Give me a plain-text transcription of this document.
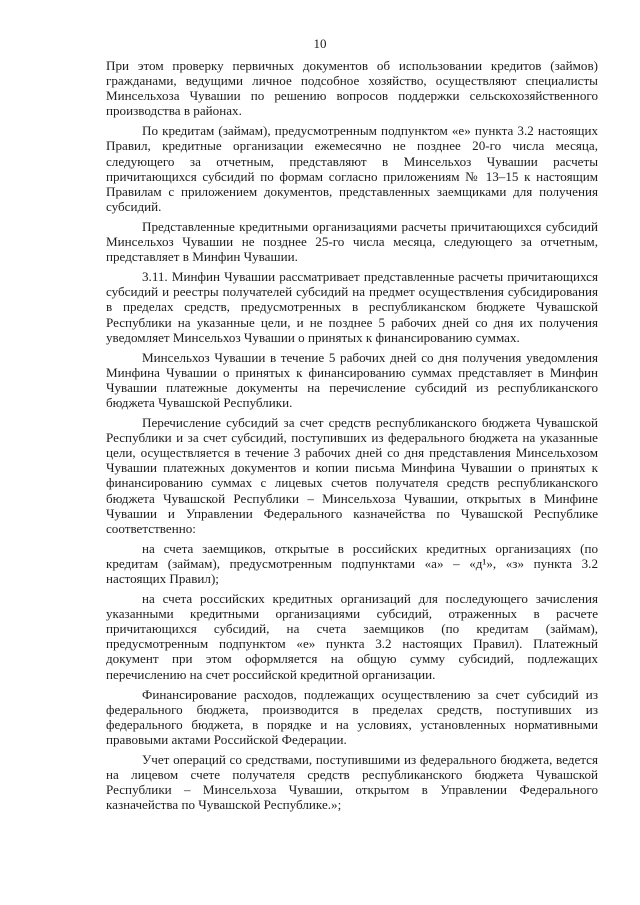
10

При этом проверку первичных документов об использовании кредитов (займов) гражданами, ведущими личное подсобное хозяйство, осуществляют специалисты Минсельхоза Чувашии по решению вопросов поддержки сельскохозяйственного производства в районах.

По кредитам (займам), предусмотренным подпунктом «е» пункта 3.2 настоящих Правил, кредитные организации ежемесячно не позднее 20-го числа месяца, следующего за отчетным, представляют в Минсельхоз Чувашии расчеты причитающихся субсидий по формам согласно приложениям № 13–15 к настоящим Правилам с приложением документов, представленных заемщиками для получения субсидий.

Представленные кредитными организациями расчеты причитающихся субсидий Минсельхоз Чувашии не позднее 25-го числа месяца, следующего за отчетным, представляет в Минфин Чувашии.

3.11. Минфин Чувашии рассматривает представленные расчеты причитающихся субсидий и реестры получателей субсидий на предмет осуществления субсидирования в пределах средств, предусмотренных в республиканском бюджете Чувашской Республики на указанные цели, и не позднее 5 рабочих дней со дня их получения уведомляет Минсельхоз Чувашии о принятых к финансированию суммах.

Минсельхоз Чувашии в течение 5 рабочих дней со дня получения уведомления Минфина Чувашии о принятых к финансированию суммах представляет в Минфин Чувашии платежные документы на перечисление субсидий из республиканского бюджета Чувашской Республики.

Перечисление субсидий за счет средств республиканского бюджета Чувашской Республики и за счет субсидий, поступивших из федерального бюджета на указанные цели, осуществляется в течение 3 рабочих дней со дня представления Минсельхозом Чувашии платежных документов и копии письма Минфина Чувашии о принятых к финансированию суммах с лицевых счетов получателя средств республиканского бюджета Чувашской Республики – Минсельхоза Чувашии, открытых в Минфине Чувашии и Управлении Федерального казначейства по Чувашской Республике соответственно:

на счета заемщиков, открытые в российских кредитных организациях (по кредитам (займам), предусмотренным подпунктами «а» – «д¹», «з» пункта 3.2 настоящих Правил);

на счета российских кредитных организаций для последующего зачисления указанными кредитными организациями субсидий, отраженных в расчете причитающихся субсидий, на счета заемщиков (по кредитам (займам), предусмотренным подпунктом «е» пункта 3.2 настоящих Правил). Платежный документ при этом оформляется на общую сумму субсидий, подлежащих перечислению на счет российской кредитной организации.

Финансирование расходов, подлежащих осуществлению за счет субсидий из федерального бюджета, производится в пределах средств, поступивших из федерального бюджета, в порядке и на условиях, установленных нормативными правовыми актами Российской Федерации.

Учет операций со средствами, поступившими из федерального бюджета, ведется на лицевом счете получателя средств республиканского бюджета Чувашской Республики – Минсельхоза Чувашии, открытом в Управлении Федерального казначейства по Чувашской Республике.»;
